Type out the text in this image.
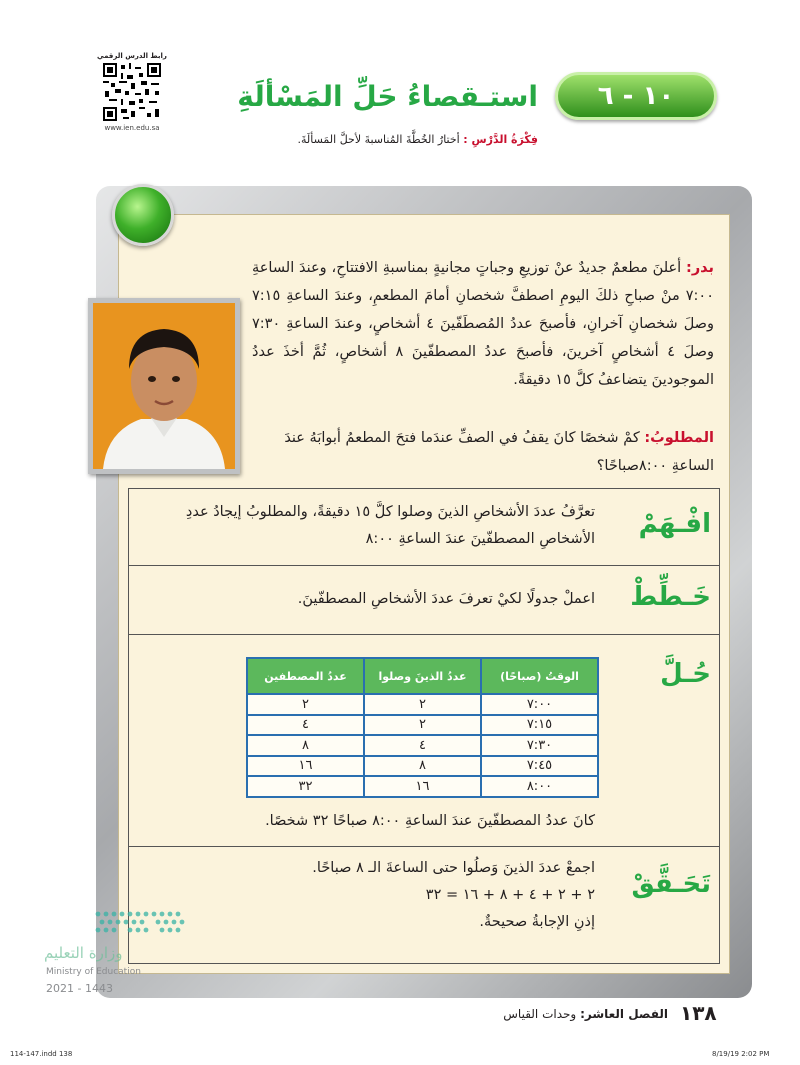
رابط الدرس الرقمي
www.ien.edu.sa
١٠ - ٦
استـقصاءُ حَلِّ المَسْألَةِ
فِكْرَةُ الدَّرْسِ : أختارُ الخُطَّةَ المُناسبةَ لأحلَّ المَسألَةَ.
بدر: أعلنَ مطعمٌ جديدٌ عنْ توزيعِ وجباتٍ مجانيةٍ بمناسبةِ الافتتاحِ، وعندَ الساعةِ ٧:٠٠ منْ صباحِ ذلكَ اليومِ اصطفَّ شخصانِ أمامَ المطعمِ، وعندَ الساعةِ ٧:١٥ وصلَ شخصانِ آخرانِ، فأصبحَ عددُ المُصطَفّينَ ٤ أشخاصٍ، وعندَ الساعةِ ٧:٣٠ وصلَ ٤ أشخاصٍ آخرينَ، فأصبحَ عددُ المصطفّينَ ٨ أشخاصٍ، ثُمَّ أخذَ عددُ الموجودينَ يتضاعفُ كلَّ ١٥ دقيقةً.
المطلوبُ: كمْ شخصًا كانَ يقفُ في الصفِّ عندَما فتحَ المطعمُ أبوابَهُ عندَ الساعةِ ٨:٠٠صباحًا؟
افْـهَمْ
تعرَّفُ عددَ الأشخاصِ الذينَ وصلوا كلَّ ١٥ دقيقةً، والمطلوبُ إيجادُ عددِ الأشخاصِ المصطفّينَ عندَ الساعةِ ٨:٠٠
خَـطِّطْ
اعملْ جدولًا لكيْ تعرفَ عددَ الأشخاصِ المصطفّينَ.
حُـلَّ
الوقتُ (صباحًا)	عددُ الذينَ وصلوا	عددُ المصطفين
٧:٠٠	٢	٢
٧:١٥	٢	٤
٧:٣٠	٤	٨
٧:٤٥	٨	١٦
٨:٠٠	١٦	٣٢
كانَ عددُ المصطفّينَ عندَ الساعةِ ٨:٠٠ صباحًا ٣٢ شخصًا.
تَحَـقَّقْ
اجمعْ عددَ الذينَ وَصلُوا حتى الساعةَ الـ ٨ صباحًا.
٢ + ٢ + ٤ + ٨ + ١٦ = ٣٢
إذنِ الإجابةُ صحيحةٌ.
وزارة التعليم
Ministry of Education
2021 - 1443
١٣٨
الفصل العاشر: وحدات القياس
114-147.indd 138	8/19/19 2:02 PM
